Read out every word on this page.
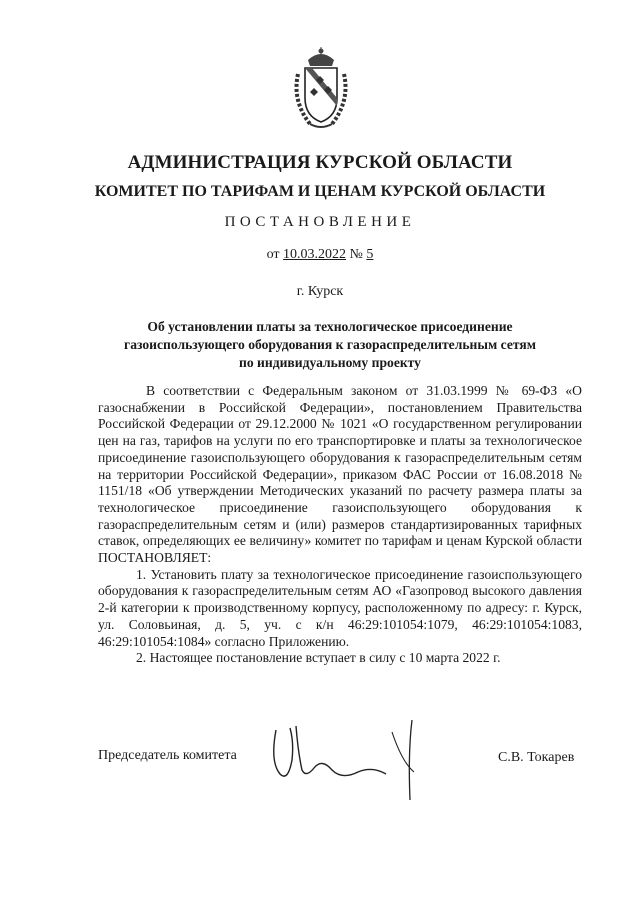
АДМИНИСТРАЦИЯ КУРСКОЙ ОБЛАСТИ
КОМИТЕТ ПО ТАРИФАМ И ЦЕНАМ КУРСКОЙ ОБЛАСТИ
ПОСТАНОВЛЕНИЕ
от 10.03.2022 № 5
г. Курск
Об установлении платы за технологическое присоединение
газоиспользующего оборудования к газораспределительным сетям
по индивидуальному проекту

В соответствии с Федеральным законом от 31.03.1999 № 69-ФЗ «О газоснабжении в Российской Федерации», постановлением Правительства Российской Федерации от 29.12.2000 № 1021 «О государственном регулировании цен на газ, тарифов на услуги по его транспортировке и платы за технологическое присоединение газоиспользующего оборудования к газораспределительным сетям на территории Российской Федерации», приказом ФАС России от 16.08.2018 № 1151/18 «Об утверждении Методических указаний по расчету размера платы за технологическое присоединение газоиспользующего оборудования к газораспределительным сетям и (или) размеров стандартизированных тарифных ставок, определяющих ее величину» комитет по тарифам и ценам Курской области ПОСТАНОВЛЯЕТ:

1. Установить плату за технологическое присоединение газоиспользующего оборудования к газораспределительным сетям АО «Газопровод высокого давления 2-й категории к производственному корпусу, расположенному по адресу: г. Курск, ул. Соловьиная, д. 5, уч. с к/н 46:29:101054:1079, 46:29:101054:1083, 46:29:101054:1084» согласно Приложению.

2. Настоящее постановление вступает в силу с 10 марта 2022 г.

Председатель комитета	С.В. Токарев
